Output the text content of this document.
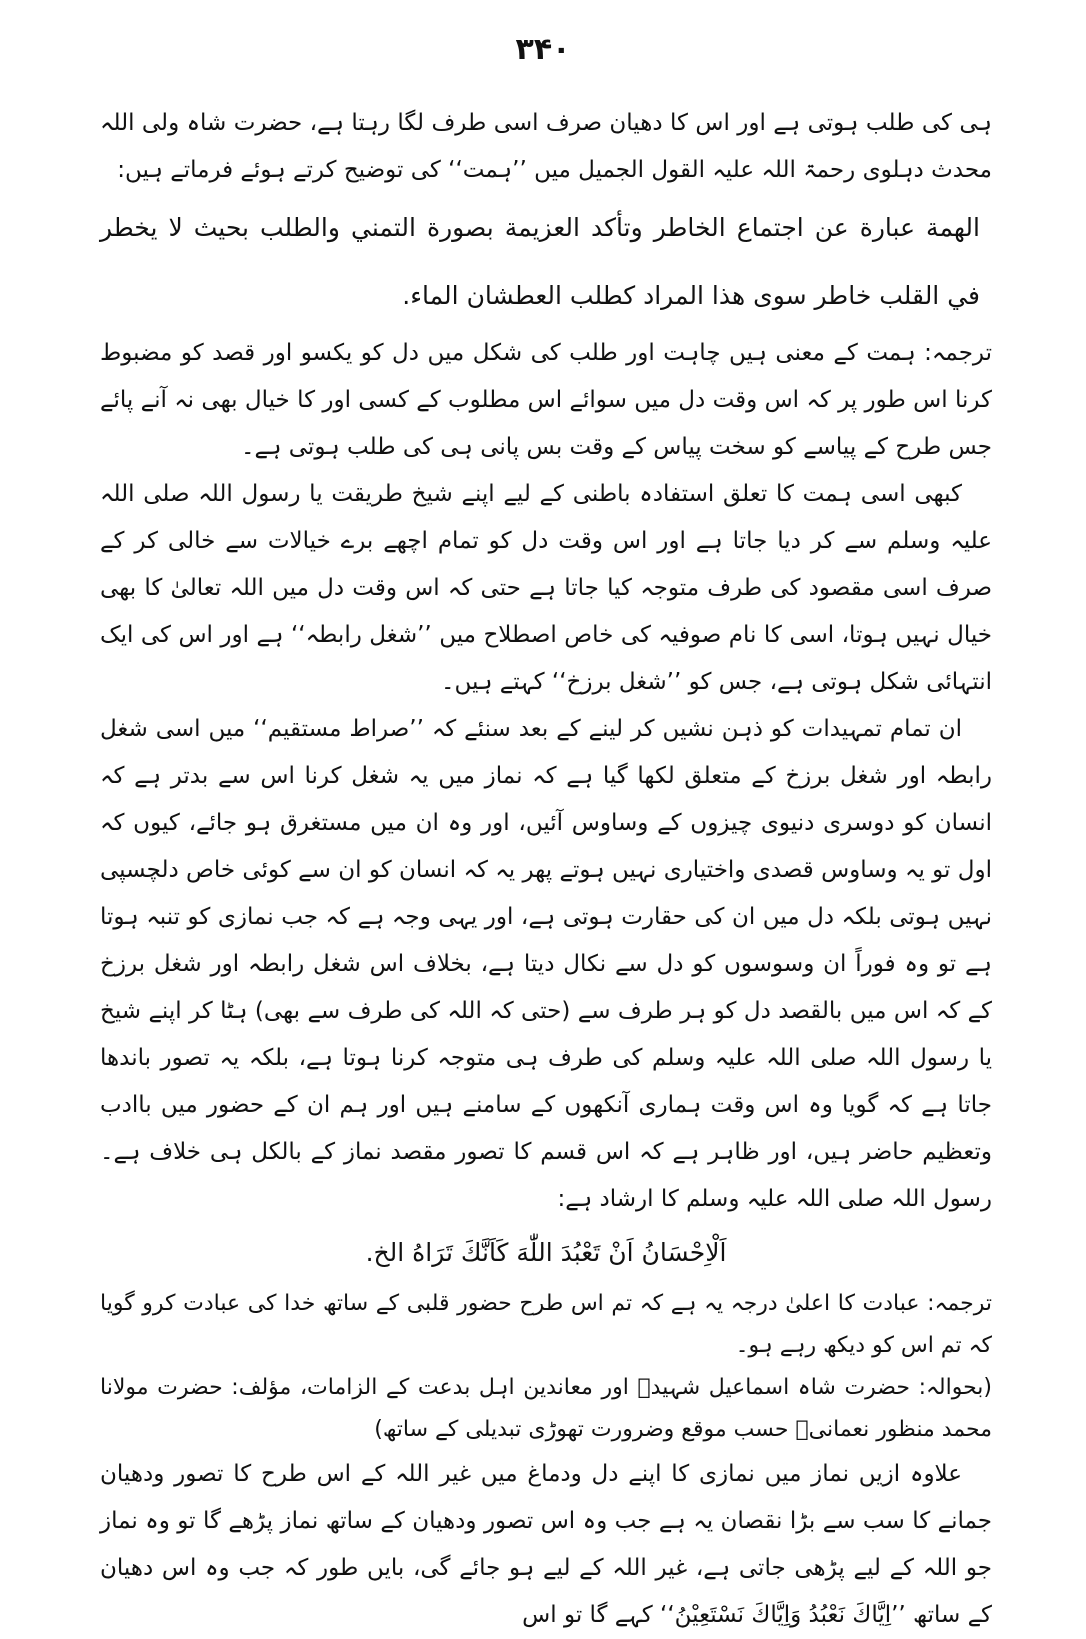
۳۴۰

ہی کی طلب ہوتی ہے اور اس کا دھیان صرف اسی طرف لگا رہتا ہے، حضرت شاہ ولی اللہ محدث دہلوی رحمۃ اللہ علیہ القول الجمیل میں ’’ہمت‘‘ کی توضیح کرتے ہوئے فرماتے ہیں:

الهمة عبارة عن اجتماع الخاطر وتأكد العزيمة بصورة التمني والطلب بحيث لا يخطر في القلب خاطر سوى هذا المراد كطلب العطشان الماء.

ترجمہ: ہمت کے معنی ہیں چاہت اور طلب کی شکل میں دل کو یکسو اور قصد کو مضبوط کرنا اس طور پر کہ اس وقت دل میں سوائے اس مطلوب کے کسی اور کا خیال بھی نہ آنے پائے جس طرح کے پیاسے کو سخت پیاس کے وقت بس پانی ہی کی طلب ہوتی ہے۔

کبھی اسی ہمت کا تعلق استفادہ باطنی کے لیے اپنے شیخ طریقت یا رسول اللہ صلی اللہ علیہ وسلم سے کر دیا جاتا ہے اور اس وقت دل کو تمام اچھے برے خیالات سے خالی کر کے صرف اسی مقصود کی طرف متوجہ کیا جاتا ہے حتی کہ اس وقت دل میں اللہ تعالیٰ کا بھی خیال نہیں ہوتا، اسی کا نام صوفیہ کی خاص اصطلاح میں ’’شغل رابطہ‘‘ ہے اور اس کی ایک انتہائی شکل ہوتی ہے، جس کو ’’شغل برزخ‘‘ کہتے ہیں۔

ان تمام تمہیدات کو ذہن نشیں کر لینے کے بعد سنئے کہ ’’صراط مستقیم‘‘ میں اسی شغل رابطہ اور شغل برزخ کے متعلق لکھا گیا ہے کہ نماز میں یہ شغل کرنا اس سے بدتر ہے کہ انسان کو دوسری دنیوی چیزوں کے وساوس آئیں، اور وہ ان میں مستغرق ہو جائے، کیوں کہ اول تو یہ وساوس قصدی واختیاری نہیں ہوتے پھر یہ کہ انسان کو ان سے کوئی خاص دلچسپی نہیں ہوتی بلکہ دل میں ان کی حقارت ہوتی ہے، اور یہی وجہ ہے کہ جب نمازی کو تنبہ ہوتا ہے تو وہ فوراً ان وسوسوں کو دل سے نکال دیتا ہے، بخلاف اس شغل رابطہ اور شغل برزخ کے کہ اس میں بالقصد دل کو ہر طرف سے (حتی کہ اللہ کی طرف سے بھی) ہٹا کر اپنے شیخ یا رسول اللہ صلی اللہ علیہ وسلم کی طرف ہی متوجہ کرنا ہوتا ہے، بلکہ یہ تصور باندھا جاتا ہے کہ گویا وہ اس وقت ہماری آنکھوں کے سامنے ہیں اور ہم ان کے حضور میں باادب وتعظیم حاضر ہیں، اور ظاہر ہے کہ اس قسم کا تصور مقصد نماز کے بالکل ہی خلاف ہے۔ رسول اللہ صلی اللہ علیہ وسلم کا ارشاد ہے:

اَلْاِحْسَانُ اَنْ تَعْبُدَ اللّٰهَ كَاَنَّكَ تَرَاهُ الخ.

ترجمہ: عبادت کا اعلیٰ درجہ یہ ہے کہ تم اس طرح حضور قلبی کے ساتھ خدا کی عبادت کرو گویا کہ تم اس کو دیکھ رہے ہو۔

(بحوالہ: حضرت شاہ اسماعیل شہیدؒ اور معاندین اہل بدعت کے الزامات، مؤلف: حضرت مولانا محمد منظور نعمانیؒ حسب موقع وضرورت تھوڑی تبدیلی کے ساتھ)

علاوہ ازیں نماز میں نمازی کا اپنے دل ودماغ میں غیر اللہ کے اس طرح کا تصور ودھیان جمانے کا سب سے بڑا نقصان یہ ہے جب وہ اس تصور ودھیان کے ساتھ نماز پڑھے گا تو وہ نماز جو اللہ کے لیے پڑھی جاتی ہے، غیر اللہ کے لیے ہو جائے گی، بایں طور کہ جب وہ اس دھیان کے ساتھ ’’اِيَّاكَ نَعْبُدُ وَاِيَّاكَ نَسْتَعِيْنُ‘‘ کہے گا تو اس
